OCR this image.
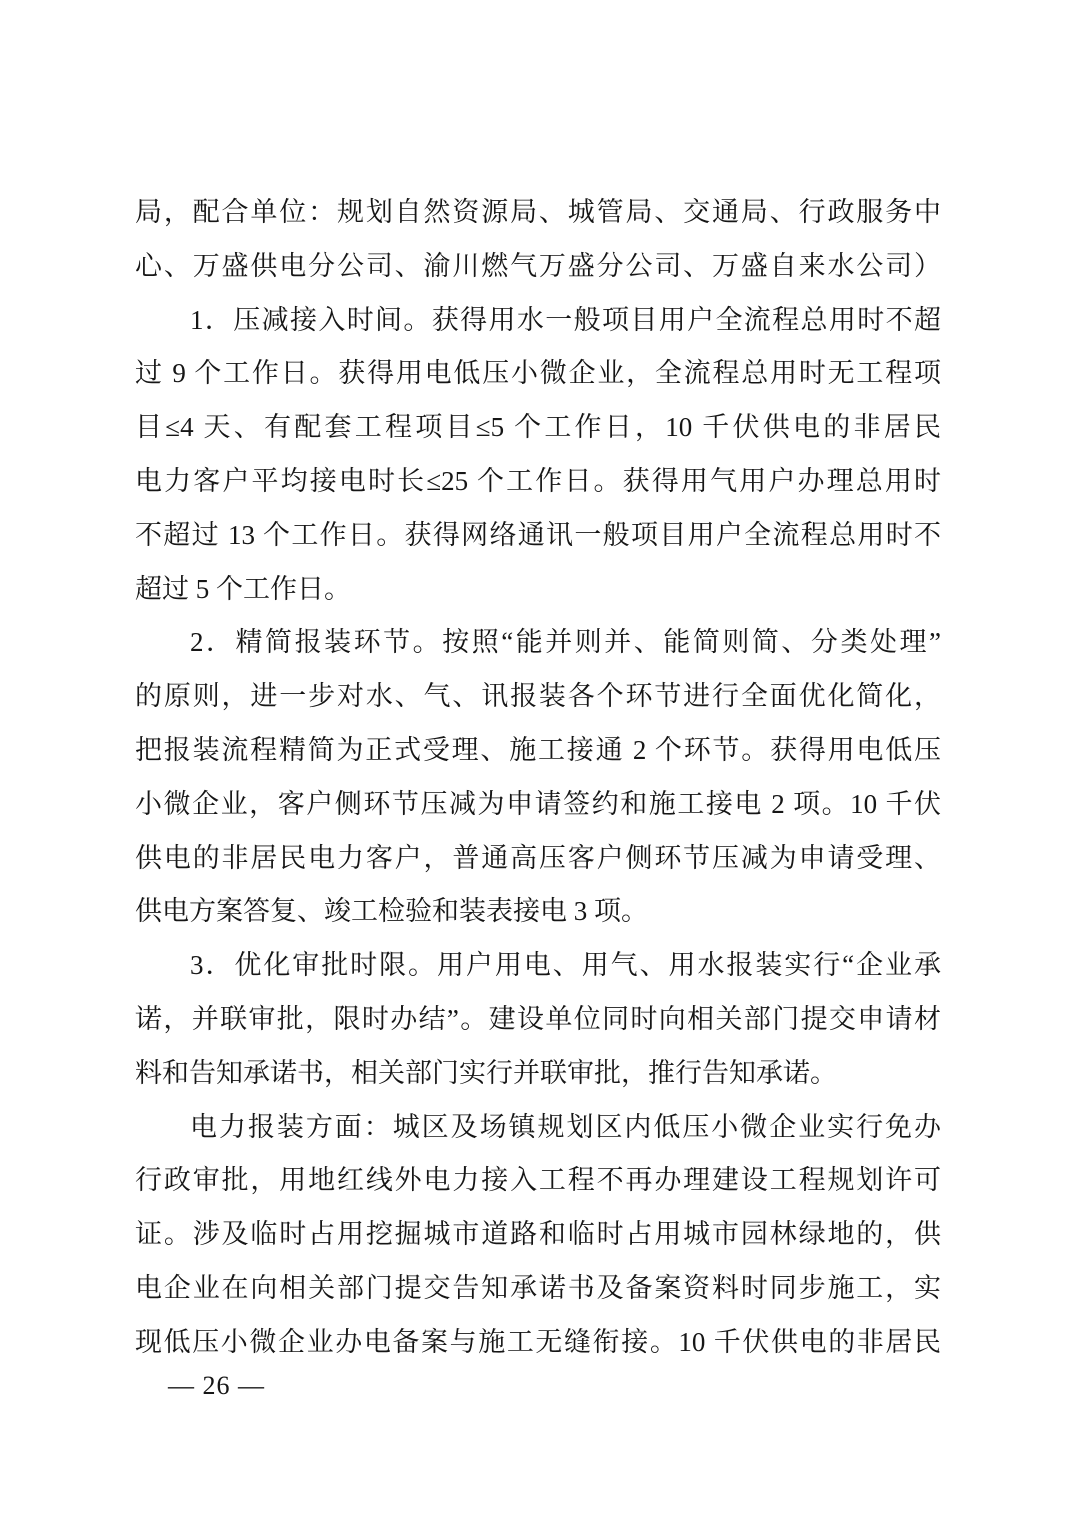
局，配合单位：规划自然资源局、城管局、交通局、行政服务中
心、万盛供电分公司、渝川燃气万盛分公司、万盛自来水公司）
1．压减接入时间。获得用水一般项目用户全流程总用时不超
过 9 个工作日。获得用电低压小微企业，全流程总用时无工程项
目≤4 天、有配套工程项目≤5 个工作日，10 千伏供电的非居民
电力客户平均接电时长≤25 个工作日。获得用气用户办理总用时
不超过 13 个工作日。获得网络通讯一般项目用户全流程总用时不
超过 5 个工作日。
2．精简报装环节。按照“能并则并、能简则简、分类处理”
的原则，进一步对水、气、讯报装各个环节进行全面优化简化，
把报装流程精简为正式受理、施工接通 2 个环节。获得用电低压
小微企业，客户侧环节压减为申请签约和施工接电 2 项。10 千伏
供电的非居民电力客户，普通高压客户侧环节压减为申请受理、
供电方案答复、竣工检验和装表接电 3 项。
3．优化审批时限。用户用电、用气、用水报装实行“企业承
诺，并联审批，限时办结”。建设单位同时向相关部门提交申请材
料和告知承诺书，相关部门实行并联审批，推行告知承诺。
电力报装方面：城区及场镇规划区内低压小微企业实行免办
行政审批，用地红线外电力接入工程不再办理建设工程规划许可
证。涉及临时占用挖掘城市道路和临时占用城市园林绿地的，供
电企业在向相关部门提交告知承诺书及备案资料时同步施工，实
现低压小微企业办电备案与施工无缝衔接。10 千伏供电的非居民
— 26 —
